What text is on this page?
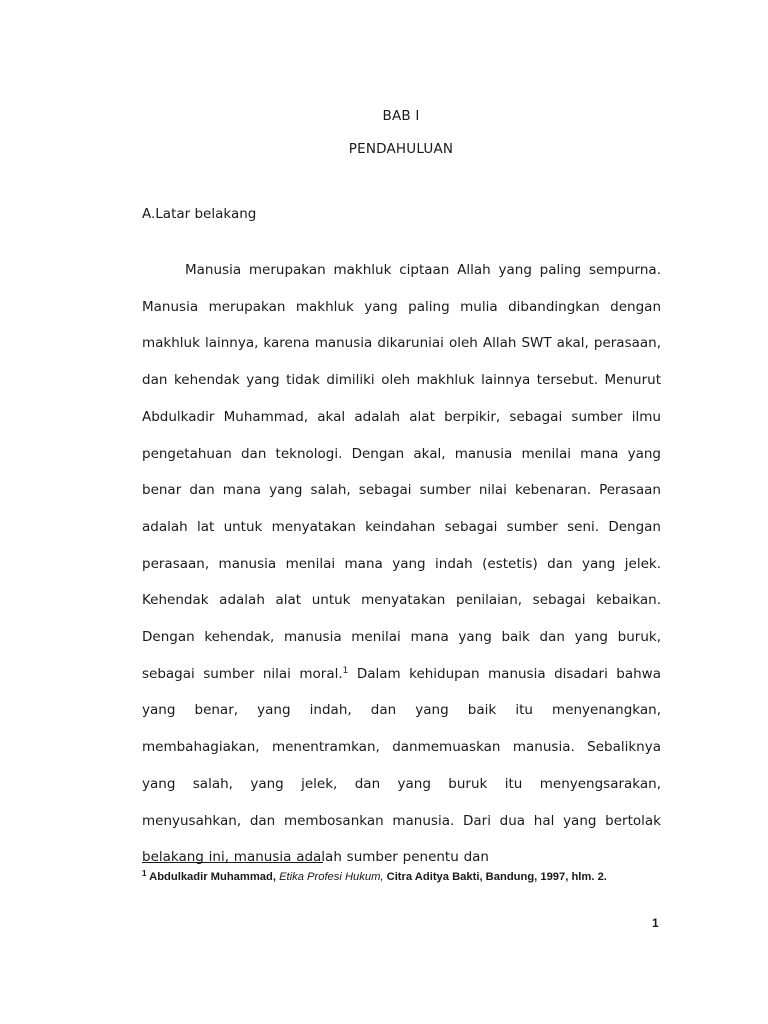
BAB I
PENDAHULUAN
A.Latar belakang

Manusia merupakan makhluk ciptaan Allah yang paling sempurna. Manusia merupakan makhluk yang paling mulia dibandingkan dengan makhluk lainnya, karena manusia dikaruniai oleh Allah SWT akal, perasaan, dan kehendak yang tidak dimiliki oleh makhluk lainnya tersebut. Menurut Abdulkadir Muhammad, akal adalah alat berpikir, sebagai sumber ilmu pengetahuan dan teknologi. Dengan akal, manusia menilai mana yang benar dan mana yang salah, sebagai sumber nilai kebenaran. Perasaan adalah lat untuk menyatakan keindahan sebagai sumber seni. Dengan perasaan, manusia menilai mana yang indah (estetis) dan yang jelek. Kehendak adalah alat untuk menyatakan penilaian, sebagai kebaikan. Dengan kehendak, manusia menilai mana yang baik dan yang buruk, sebagai sumber nilai moral.$^1$ Dalam kehidupan manusia disadari bahwa yang benar, yang indah, dan yang baik itu menyenangkan, membahagiakan, menentramkan, danmemuaskan manusia. Sebaliknya yang salah, yang jelek, dan yang buruk itu menyengsarakan, menyusahkan, dan membosankan manusia. Dari dua hal yang bertolak belakang ini, manusia adalah sumber penentu dan

$^1$ Abdulkadir Muhammad, Etika Profesi Hukum, Citra Aditya Bakti, Bandung, 1997, hlm. 2.
1
